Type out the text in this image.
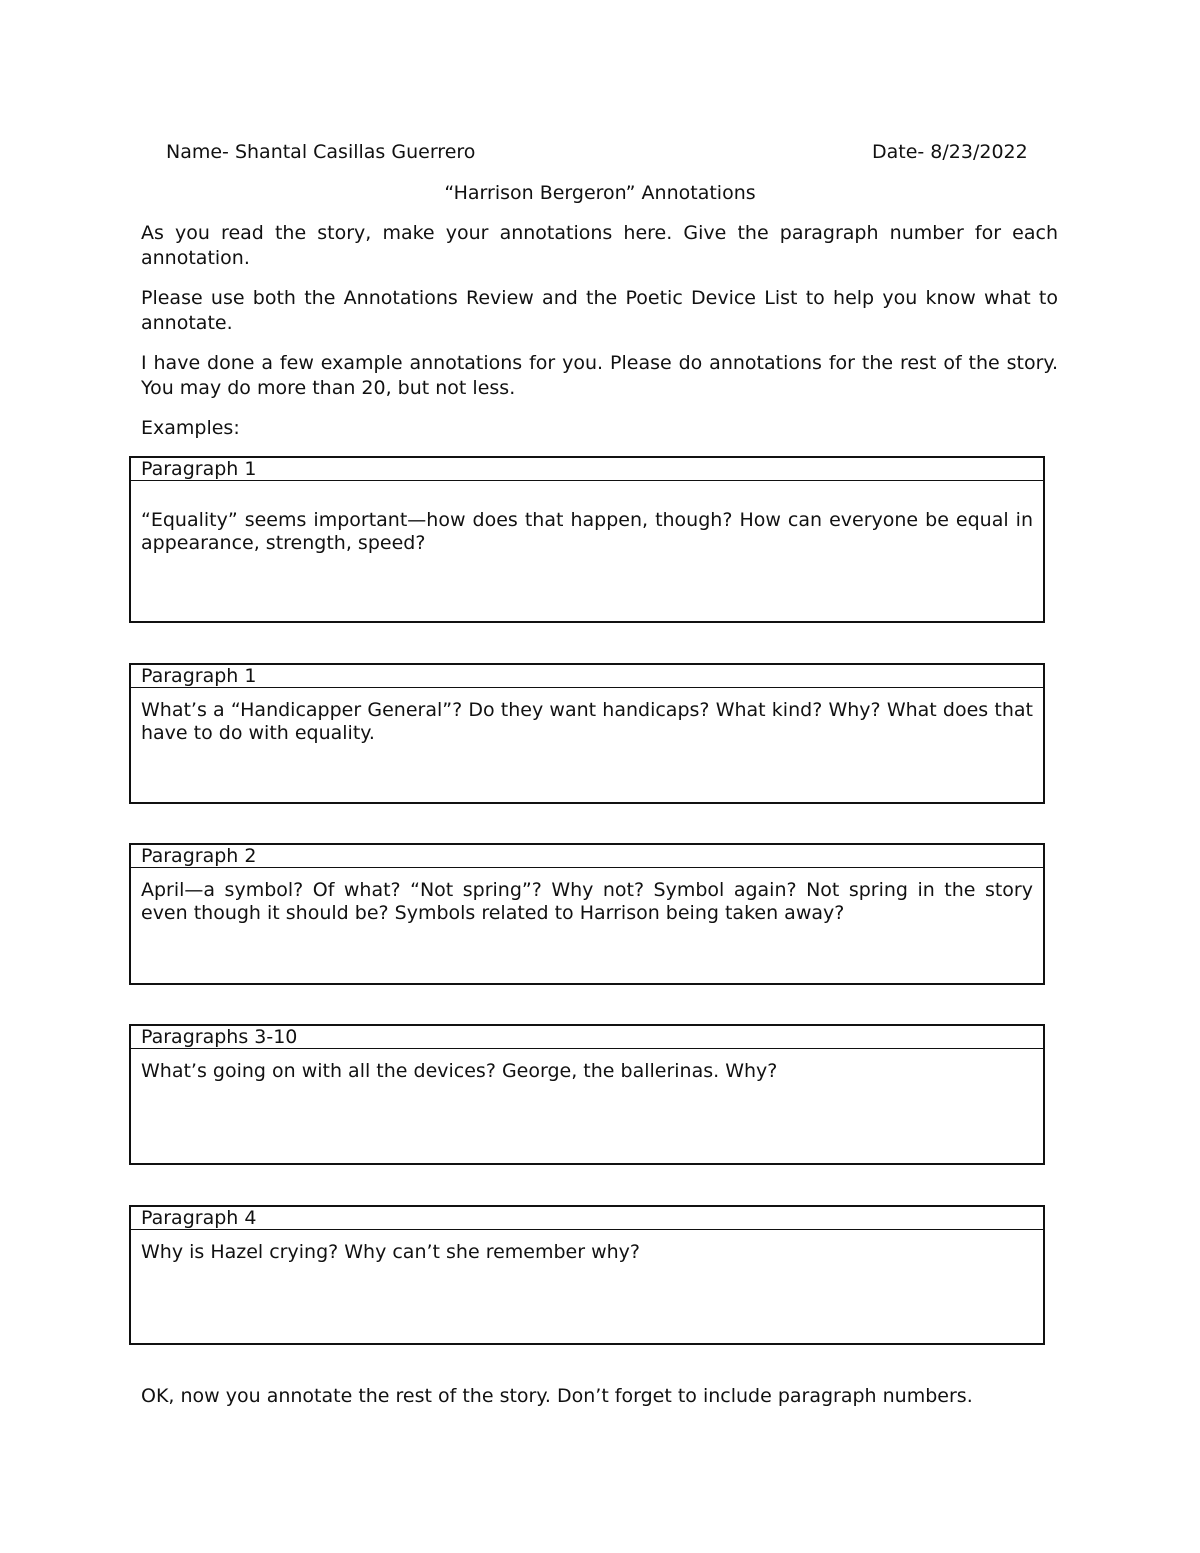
Name- Shantal Casillas Guerrero	Date- 8/23/2022
“Harrison Bergeron” Annotations

As you read the story, make your annotations here. Give the paragraph number for each annotation.

Please use both the Annotations Review and the Poetic Device List to help you know what to annotate.

I have done a few example annotations for you. Please do annotations for the rest of the story. You may do more than 20, but not less.

Examples:
Paragraph 1
“Equality” seems important—how does that happen, though? How can everyone be equal in appearance, strength, speed?
Paragraph 1
What’s a “Handicapper General”? Do they want handicaps? What kind? Why? What does that have to do with equality.
Paragraph 2
April—a symbol? Of what? “Not spring”? Why not? Symbol again? Not spring in the story even though it should be? Symbols related to Harrison being taken away?
Paragraphs 3-10
What’s going on with all the devices? George, the ballerinas. Why?
Paragraph 4
Why is Hazel crying? Why can’t she remember why?
OK, now you annotate the rest of the story. Don’t forget to include paragraph numbers.
